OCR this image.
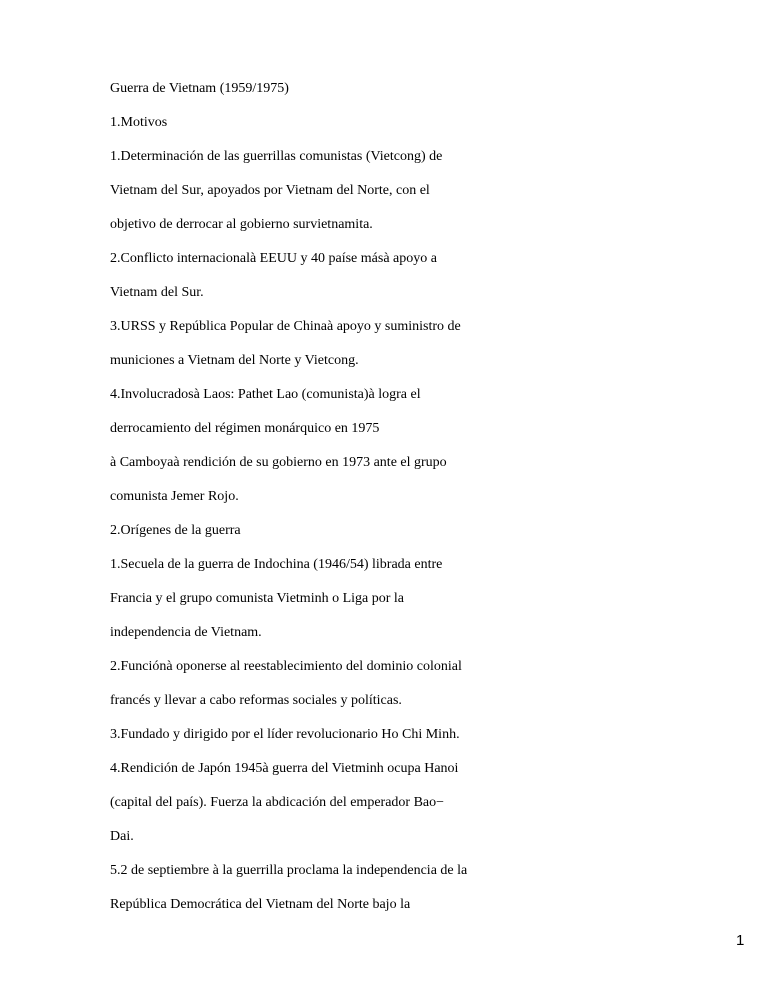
Guerra de Vietnam (1959/1975)
1.Motivos
1.Determinación de las guerrillas comunistas (Vietcong) de
Vietnam del Sur, apoyados por Vietnam del Norte, con el
objetivo de derrocar al gobierno survietnamita.
2.Conflicto internacionalà EEUU y 40 paíse másà apoyo a
Vietnam del Sur.
3.URSS y República Popular de Chinaà apoyo y suministro de
municiones a Vietnam del Norte y Vietcong.
4.Involucradosà Laos: Pathet Lao (comunista)à logra el
derrocamiento del régimen monárquico en 1975
à Camboyaà rendición de su gobierno en 1973 ante el grupo
comunista Jemer Rojo.
2.Orígenes de la guerra
1.Secuela de la guerra de Indochina (1946/54) librada entre
Francia y el grupo comunista Vietminh o Liga por la
independencia de Vietnam.
2.Funciónà oponerse al reestablecimiento del dominio colonial
francés y llevar a cabo reformas sociales y políticas.
3.Fundado y dirigido por el líder revolucionario Ho Chi Minh.
4.Rendición de Japón 1945à guerra del Vietminh ocupa Hanoi
(capital del país). Fuerza la abdicación del emperador Bao−
Dai.
5.2 de septiembre à la guerrilla proclama la independencia de la
República Democrática del Vietnam del Norte bajo la
1
